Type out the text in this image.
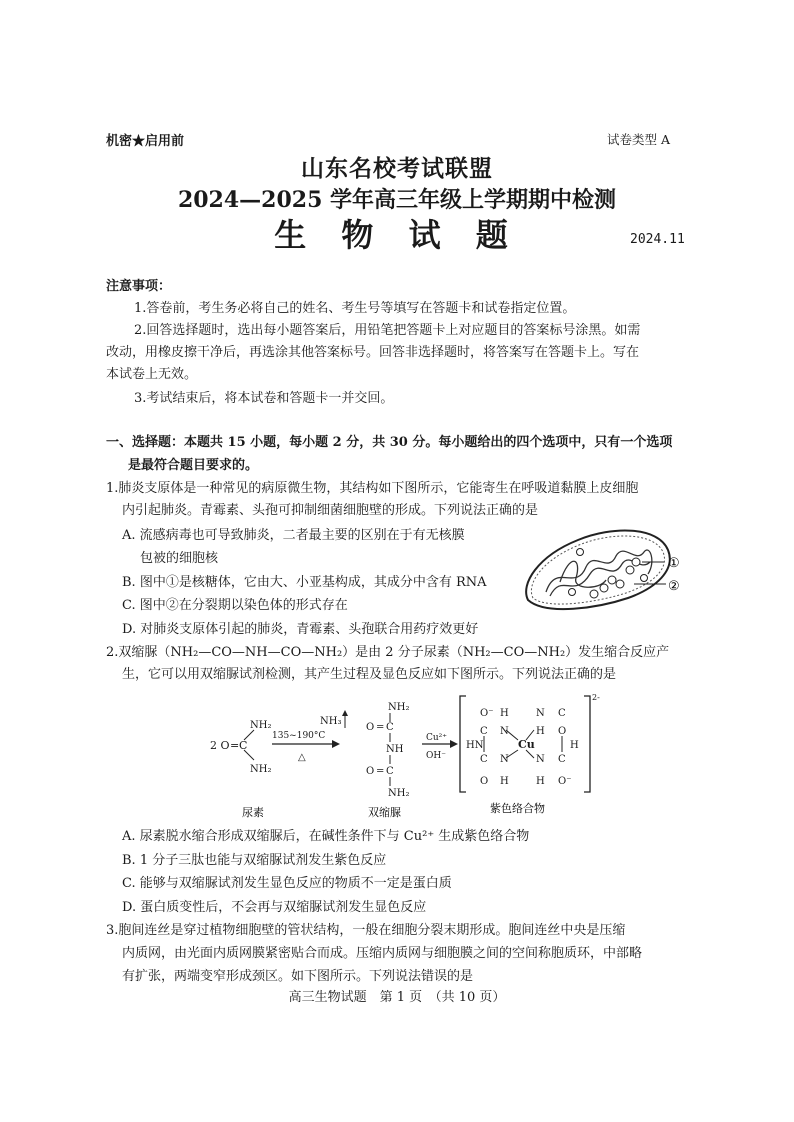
机密★启用前	试卷类型 A
山东名校考试联盟
2024—2025 学年高三年级上学期期中检测
生 物 试 题	2024.11
注意事项：
1.答卷前，考生务必将自己的姓名、考生号等填写在答题卡和试卷指定位置。
2.回答选择题时，选出每小题答案后，用铅笔把答题卡上对应题目的答案标号涂黑。如需
改动，用橡皮擦干净后，再选涂其他答案标号。回答非选择题时，将答案写在答题卡上。写在
本试卷上无效。
3.考试结束后，将本试卷和答题卡一并交回。
一、选择题：本题共 15 小题，每小题 2 分，共 30 分。每小题给出的四个选项中，只有一个选项
是最符合题目要求的。
1.肺炎支原体是一种常见的病原微生物，其结构如下图所示，它能寄生在呼吸道黏膜上皮细胞
内引起肺炎。青霉素、头孢可抑制细菌细胞壁的形成。下列说法正确的是
A. 流感病毒也可导致肺炎，二者最主要的区别在于有无核膜
包被的细胞核
B. 图中①是核糖体，它由大、小亚基构成，其成分中含有 RNA
C. 图中②在分裂期以染色体的形式存在
D. 对肺炎支原体引起的肺炎，青霉素、头孢联合用药疗效更好
①
②
2.双缩脲（NH₂—CO—NH—CO—NH₂）是由 2 分子尿素（NH₂—CO—NH₂）发生缩合反应产
生，它可以用双缩脲试剂检测，其产生过程及显色反应如下图所示。下列说法正确的是
2 O = C
NH₂
NH₂
135~190°C
△
NH₃
NH₂
O = C
NH
O = C
NH₂
Cu²⁺
OH⁻
2-
O⁻ H	N C
HN
C N
Cu
H O
H
C N	N C
O H	H O⁻
尿素	双缩脲	紫色络合物
A. 尿素脱水缩合形成双缩脲后，在碱性条件下与 Cu²⁺ 生成紫色络合物
B. 1 分子三肽也能与双缩脲试剂发生紫色反应
C. 能够与双缩脲试剂发生显色反应的物质不一定是蛋白质
D. 蛋白质变性后，不会再与双缩脲试剂发生显色反应
3.胞间连丝是穿过植物细胞壁的管状结构，一般在细胞分裂末期形成。胞间连丝中央是压缩
内质网，由光面内质网膜紧密贴合而成。压缩内质网与细胞膜之间的空间称胞质环，中部略
有扩张，两端变窄形成颈区。如下图所示。下列说法错误的是
高三生物试题　第 1 页　（共 10 页）
